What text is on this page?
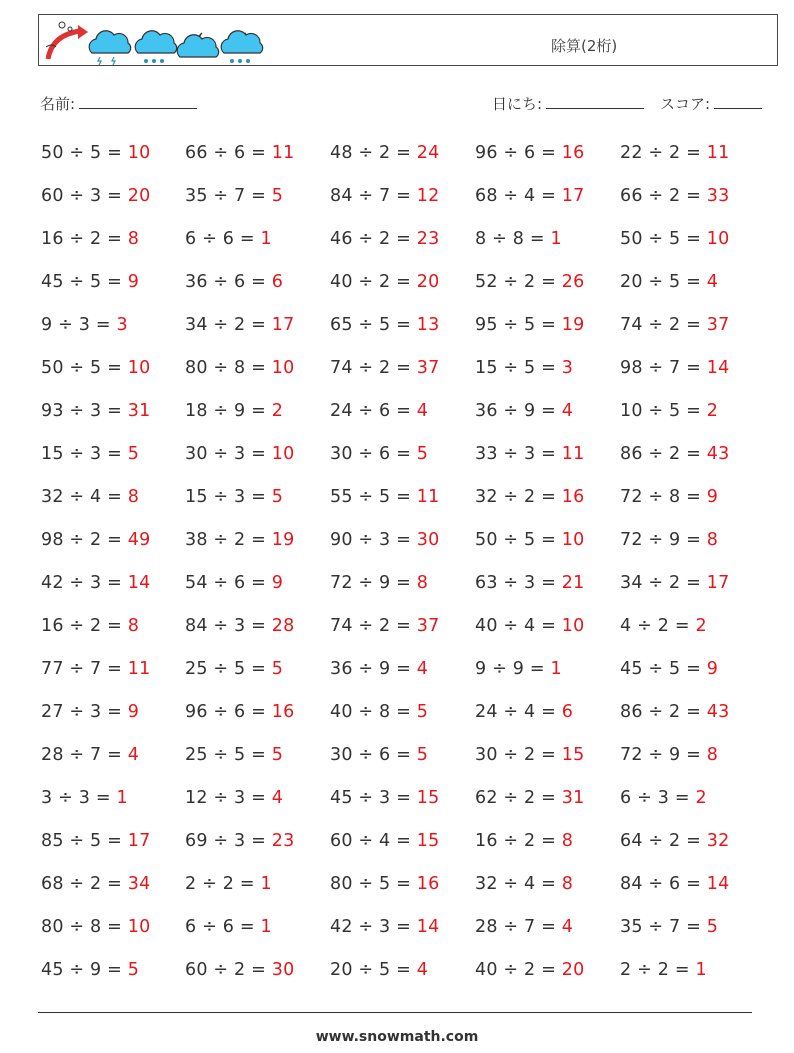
除算(2桁)
名前:	日にち:	スコア:
50 ÷ 5 = 10 66 ÷ 6 = 11 48 ÷ 2 = 24 96 ÷ 6 = 16 22 ÷ 2 = 11
60 ÷ 3 = 20 35 ÷ 7 = 5	84 ÷ 7 = 12 68 ÷ 4 = 17 66 ÷ 2 = 33
16 ÷ 2 = 8	6 ÷ 6 = 1	46 ÷ 2 = 23 8 ÷ 8 = 1	50 ÷ 5 = 10
45 ÷ 5 = 9	36 ÷ 6 = 6	40 ÷ 2 = 20 52 ÷ 2 = 26 20 ÷ 5 = 4
9 ÷ 3 = 3	34 ÷ 2 = 17 65 ÷ 5 = 13 95 ÷ 5 = 19 74 ÷ 2 = 37
50 ÷ 5 = 10 80 ÷ 8 = 10 74 ÷ 2 = 37 15 ÷ 5 = 3	98 ÷ 7 = 14
93 ÷ 3 = 31 18 ÷ 9 = 2	24 ÷ 6 = 4	36 ÷ 9 = 4	10 ÷ 5 = 2
15 ÷ 3 = 5	30 ÷ 3 = 10 30 ÷ 6 = 5	33 ÷ 3 = 11 86 ÷ 2 = 43
32 ÷ 4 = 8	15 ÷ 3 = 5	55 ÷ 5 = 11 32 ÷ 2 = 16 72 ÷ 8 = 9
98 ÷ 2 = 49 38 ÷ 2 = 19 90 ÷ 3 = 30 50 ÷ 5 = 10 72 ÷ 9 = 8
42 ÷ 3 = 14 54 ÷ 6 = 9	72 ÷ 9 = 8	63 ÷ 3 = 21 34 ÷ 2 = 17
16 ÷ 2 = 8	84 ÷ 3 = 28 74 ÷ 2 = 37 40 ÷ 4 = 10 4 ÷ 2 = 2
77 ÷ 7 = 11 25 ÷ 5 = 5	36 ÷ 9 = 4	9 ÷ 9 = 1	45 ÷ 5 = 9
27 ÷ 3 = 9	96 ÷ 6 = 16 40 ÷ 8 = 5	24 ÷ 4 = 6	86 ÷ 2 = 43
28 ÷ 7 = 4	25 ÷ 5 = 5	30 ÷ 6 = 5	30 ÷ 2 = 15 72 ÷ 9 = 8
3 ÷ 3 = 1	12 ÷ 3 = 4	45 ÷ 3 = 15 62 ÷ 2 = 31 6 ÷ 3 = 2
85 ÷ 5 = 17 69 ÷ 3 = 23 60 ÷ 4 = 15 16 ÷ 2 = 8	64 ÷ 2 = 32
68 ÷ 2 = 34 2 ÷ 2 = 1	80 ÷ 5 = 16 32 ÷ 4 = 8	84 ÷ 6 = 14
80 ÷ 8 = 10 6 ÷ 6 = 1	42 ÷ 3 = 14 28 ÷ 7 = 4	35 ÷ 7 = 5
45 ÷ 9 = 5	60 ÷ 2 = 30 20 ÷ 5 = 4	40 ÷ 2 = 20 2 ÷ 2 = 1
www.snowmath.com
